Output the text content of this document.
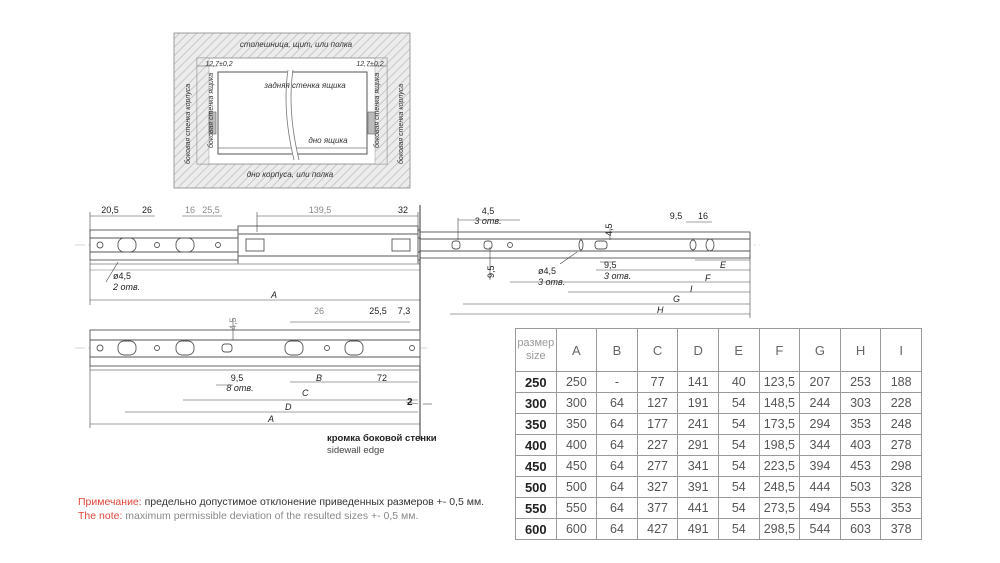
столешница, щит, или полка
дно корпуса, или полка
задняя стенка ящика
дно ящика
12,7±0,2	12,7±0,2
боковая стенка корпуса боковая стенка ящика	боковая стенка ящика боковая стенка корпуса
20,5	26	16 25,5	139,5	32	4,5
3 отв.
4,5
9,5 16
ø4,5
2 отв.
9,5	ø4,5
3 отв.
9,5
3 отв.
E
F
I
G
H
A
4,5
26	25,5 7,3
9,5
8 отв.
B	72
C
D
A
2
кромка боковой стенки
sidewall edge
размер
size	A	B	C	D	E	F	G	H	I
250	250	-	77	141	40	123,5	207	253	188
300	300	64	127	191	54	148,5	244	303	228
350	350	64	177	241	54	173,5	294	353	248
400	400	64	227	291	54	198,5	344	403	278
450	450	64	277	341	54	223,5	394	453	298
500	500	64	327	391	54	248,5	444	503	328
550	550	64	377	441	54	273,5	494	553	353
600	600	64	427	491	54	298,5	544	603	378
Примечание: предельно допустимое отклонение приведенных размеров +- 0,5 мм.
The note: maximum permissible deviation of the resulted sizes +- 0,5 мм.
